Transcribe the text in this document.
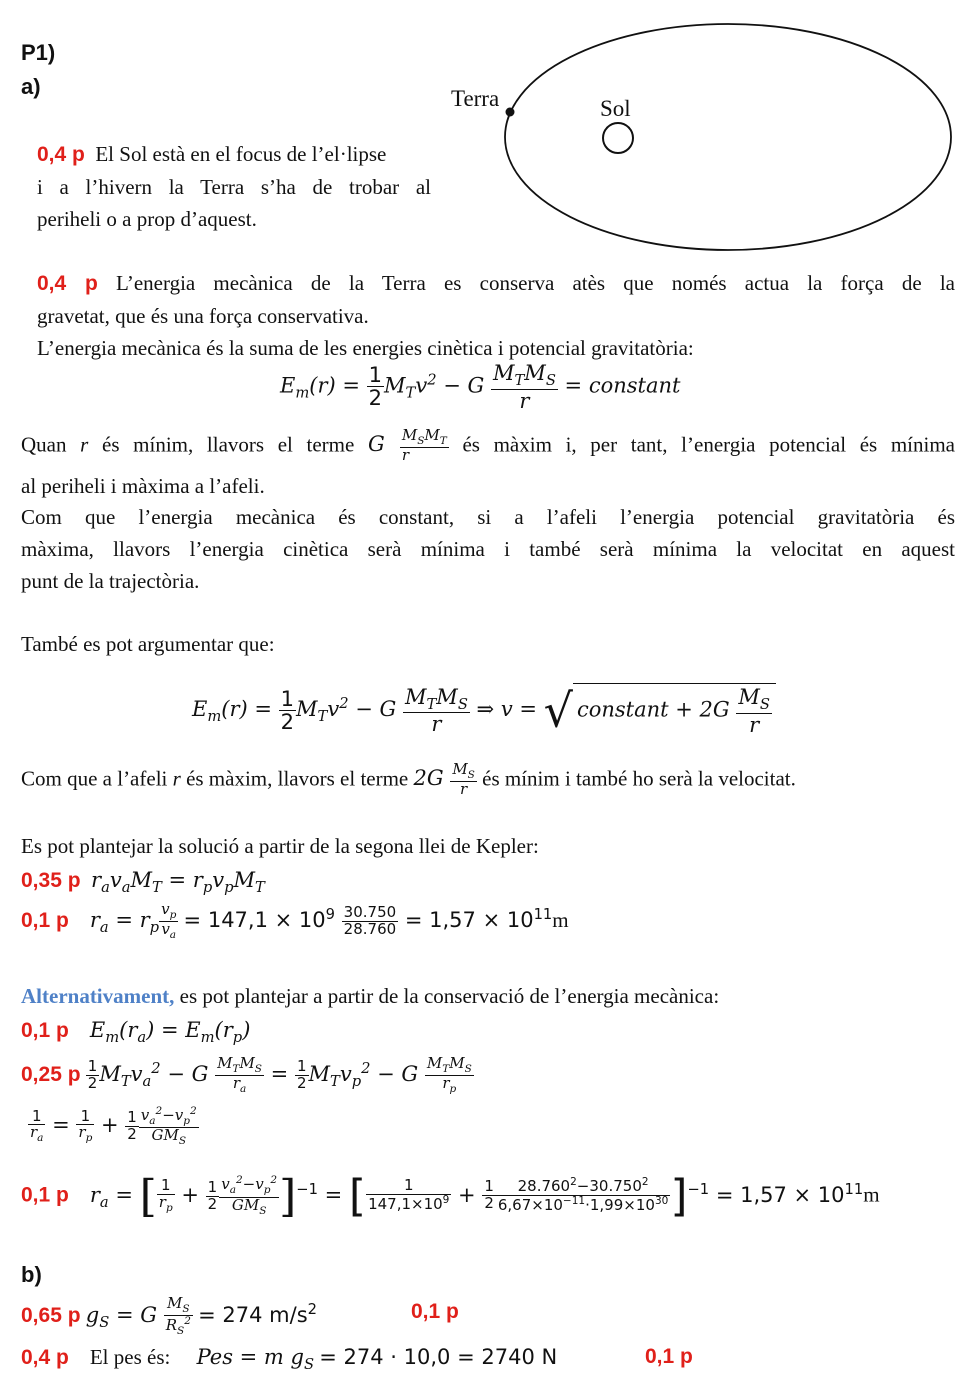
P1)
a)	Terra	Sol
0,4 p El Sol està en el focus de l’el·lipse
i a l’hivern la Terra s’ha de trobar al
periheli o a prop d’aquest.
0,4 p L’energia mecànica de la Terra es conserva atès que només actua la força de la
gravetat, que és una força conservativa.
L’energia mecànica és la suma de les energies cinètica i potencial gravitatòria:
$E_m(r) = \frac{1}{2} M_Tv^2 - G \frac{M_TM_S}{r}$ = constant
Quan r és mínim, llavors el terme G $\frac{M_SM_T}{r}$ és màxim i, per tant, l’energia potencial és mínima
al periheli i màxima a l’afeli.
Com que l’energia mecànica és constant, si a l’afeli l’energia potencial gravitatòria és
màxima, llavors l’energia cinètica serà mínima i també serà mínima la velocitat en aquest
punt de la trajectòria.
També es pot argumentar que:
$E_m(r) = \frac{1}{2} M_Tv^2 - G \frac{M_TM_S}{r}$ ⇒ v = √ constant + $2G \frac{M_S}{r}$
Com que a l’afeli r és màxim, llavors el terme $2G \frac{M_S}{r}$ és mínim i també ho serà la velocitat.
Es pot plantejar la solució a partir de la segona llei de Kepler:
0,35 p $r_av_aM_T = r_pv_pM_T$
0,1 p $r_a = r_p \frac{v_p}{v_a} = 147,1 \times 10^9 \frac{30.750}{28.760} = 1,57 \times 10^{11}m$
Alternativament, es pot plantejar a partir de la conservació de l’energia mecànica:
0,1 p $E_m(r_a) = E_m(r_p)$
0,25 p $\frac{1}{2} M_Tv_a^2 - G \frac{M_TM_S}{r_a} = \frac{1}{2} M_Tv_p^2 - G \frac{M_TM_S}{r_p}$
$\frac{1}{r_a} = \frac{1}{r_p} + \frac{1}{2} \frac{v_a^2-v_p^2}{GM_S}$
0,1 p $r_a$ = [ $\frac{1}{r_p} + \frac{1}{2} \frac{v_a^2-v_p^2}{GM_S} ]^{-1}$ = [ $\frac{1}{147,1\times 10^9} + \frac{1}{2} \frac{28.760^2-30.750^2}{6,67\times 10^{-11}\cdot 1,99\times 10^{30}} ]^{-1} = 1,57 \times 10^{11}m$
b)
0,65 p $g_S = G \frac{M_S}{R_S^2} = 274$ $m/s^2$	0,1 p
0,4 p El pes és: Pes = m $g_S = 274 \cdot 10,0 = 2740$ N	0,1 p
